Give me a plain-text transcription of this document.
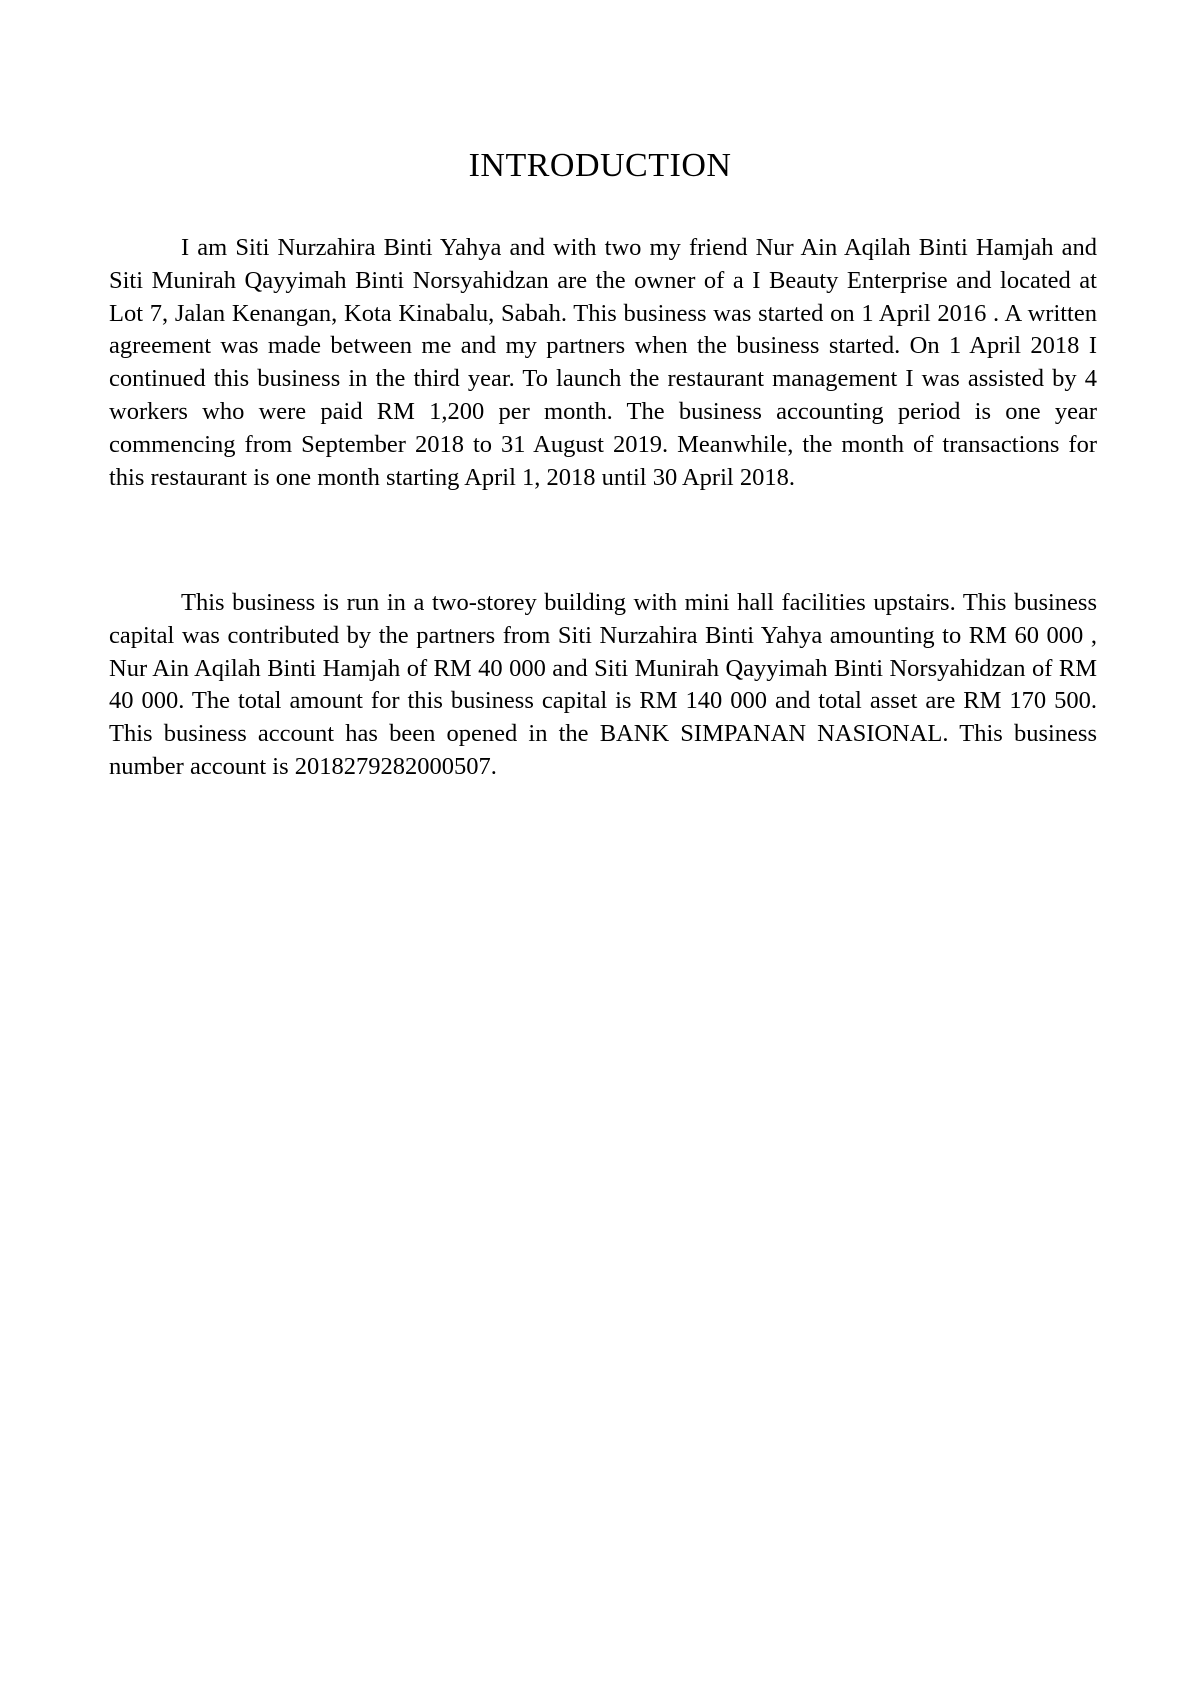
INTRODUCTION

I am Siti Nurzahira Binti Yahya and with two my friend Nur Ain Aqilah Binti Hamjah and Siti Munirah Qayyimah Binti Norsyahidzan are the owner of a I Beauty Enterprise and located at Lot 7, Jalan Kenangan, Kota Kinabalu, Sabah. This business was started on 1 April 2016 . A written agreement was made between me and my partners when the business started. On 1 April 2018 I continued this business in the third year. To launch the restaurant management I was assisted by 4 workers who were paid RM 1,200 per month. The business accounting period is one year commencing from September 2018 to 31 August 2019. Meanwhile, the month of transactions for this restaurant is one month starting April 1, 2018 until 30 April 2018.

This business is run in a two-storey building with mini hall facilities upstairs. This business capital was contributed by the partners from Siti Nurzahira Binti Yahya amounting to RM 60 000 , Nur Ain Aqilah Binti Hamjah of RM 40 000 and Siti Munirah Qayyimah Binti Norsyahidzan of RM 40 000. The total amount for this business capital is RM 140 000 and total asset are RM 170 500. This business account has been opened in the BANK SIMPANAN NASIONAL. This business number account is 2018279282000507.
